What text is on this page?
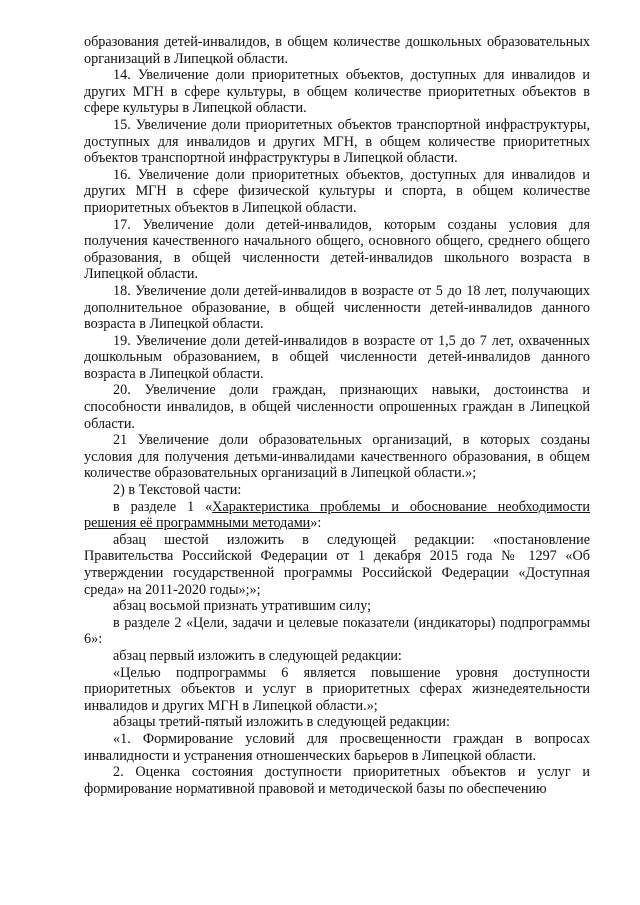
образования детей-инвалидов, в общем количестве дошкольных образовательных организаций в Липецкой области.

14. Увеличение доли приоритетных объектов, доступных для инвалидов и других МГН в сфере культуры, в общем количестве приоритетных объектов в сфере культуры в Липецкой области.

15. Увеличение доли приоритетных объектов транспортной инфраструктуры, доступных для инвалидов и других МГН, в общем количестве приоритетных объектов транспортной инфраструктуры в Липецкой области.

16. Увеличение доли приоритетных объектов, доступных для инвалидов и других МГН в сфере физической культуры и спорта, в общем количестве приоритетных объектов в Липецкой области.

17. Увеличение доли детей-инвалидов, которым созданы условия для получения качественного начального общего, основного общего, среднего общего образования, в общей численности детей-инвалидов школьного возраста в Липецкой области.

18. Увеличение доли детей-инвалидов в возрасте от 5 до 18 лет, получающих дополнительное образование, в общей численности детей-инвалидов данного возраста в Липецкой области.

19. Увеличение доли детей-инвалидов в возрасте от 1,5 до 7 лет, охваченных дошкольным образованием, в общей численности детей-инвалидов данного возраста в Липецкой области.

20. Увеличение доли граждан, признающих навыки, достоинства и способности инвалидов, в общей численности опрошенных граждан в Липецкой области.

21 Увеличение доли образовательных организаций, в которых созданы условия для получения детьми-инвалидами качественного образования, в общем количестве образовательных организаций в Липецкой области.»;

2) в Текстовой части:

в разделе 1 «Характеристика проблемы и обоснование необходимости решения её программными методами»:

абзац шестой изложить в следующей редакции: «постановление Правительства Российской Федерации от 1 декабря 2015 года № 1297 «Об утверждении государственной программы Российской Федерации «Доступная среда» на 2011-2020 годы»;»;

абзац восьмой признать утратившим силу;

в разделе 2 «Цели, задачи и целевые показатели (индикаторы) подпрограммы 6»:

абзац первый изложить в следующей редакции:

«Целью подпрограммы 6 является повышение уровня доступности приоритетных объектов и услуг в приоритетных сферах жизнедеятельности инвалидов и других МГН в Липецкой области.»;

абзацы третий-пятый изложить в следующей редакции:

«1. Формирование условий для просвещенности граждан в вопросах инвалидности и устранения отношенческих барьеров в Липецкой области.

2. Оценка состояния доступности приоритетных объектов и услуг и формирование нормативной правовой и методической базы по обеспечению
